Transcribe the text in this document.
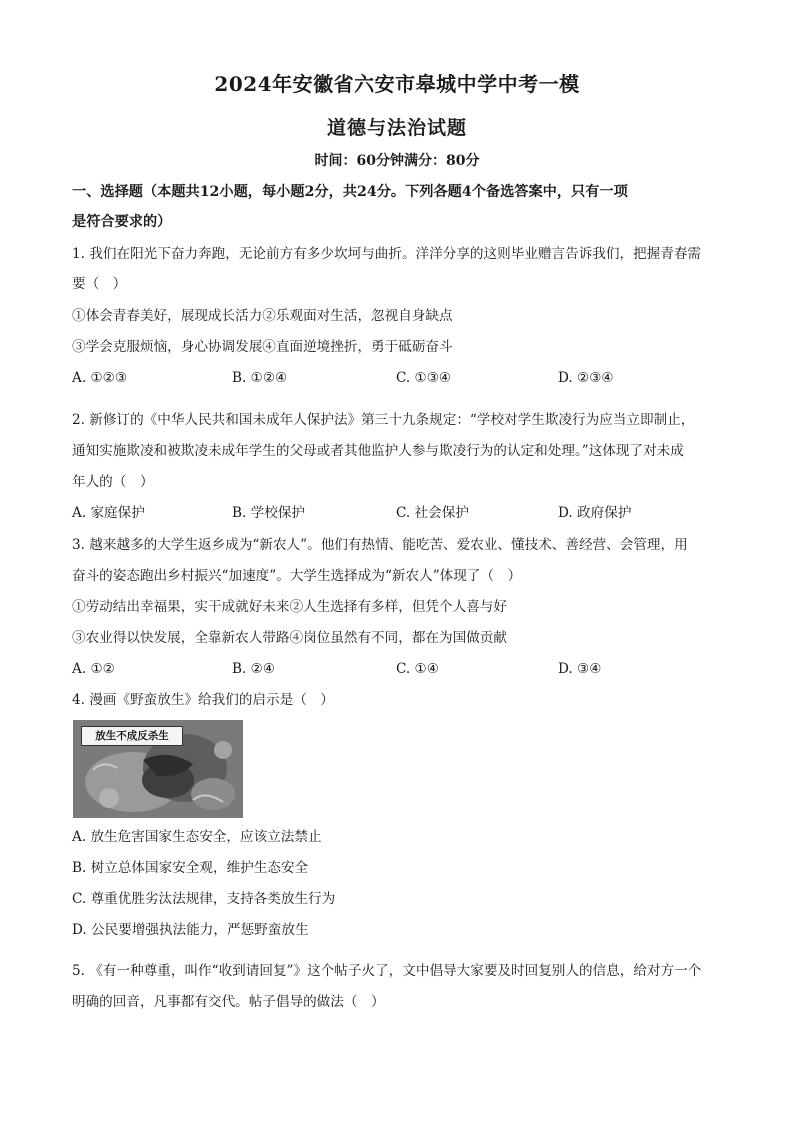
2024年安徽省六安市皋城中学中考一模
道德与法治试题
时间：60分钟满分：80分
一、选择题（本题共12小题，每小题2分，共24分。下列各题4个备选答案中，只有一项
是符合要求的）
1. 我们在阳光下奋力奔跑，无论前方有多少坎坷与曲折。洋洋分享的这则毕业赠言告诉我们，把握青春需
要（　）
①体会青春美好，展现成长活力②乐观面对生活，忽视自身缺点
③学会克服烦恼，身心协调发展④直面逆境挫折，勇于砥砺奋斗
A. ①②③	B. ①②④	C. ①③④	D. ②③④
2. 新修订的《中华人民共和国未成年人保护法》第三十九条规定：“学校对学生欺凌行为应当立即制止，
通知实施欺凌和被欺凌未成年学生的父母或者其他监护人参与欺凌行为的认定和处理。”这体现了对未成
年人的（　）
A. 家庭保护	B. 学校保护	C. 社会保护	D. 政府保护
3. 越来越多的大学生返乡成为“新农人”。他们有热情、能吃苦、爱农业、懂技术、善经营、会管理，用
奋斗的姿态跑出乡村振兴“加速度”。大学生选择成为“新农人”体现了（　）
①劳动结出幸福果，实干成就好未来②人生选择有多样，但凭个人喜与好
③农业得以快发展，全靠新农人带路④岗位虽然有不同，都在为国做贡献
A. ①②	B. ②④	C. ①④	D. ③④
4. 漫画《野蛮放生》给我们的启示是（　）
放生不成反杀生
A. 放生危害国家生态安全，应该立法禁止
B. 树立总体国家安全观，维护生态安全
C. 尊重优胜劣汰法规律，支持各类放生行为
D. 公民要增强执法能力，严惩野蛮放生
5. 《有一种尊重，叫作“收到请回复”》这个帖子火了，文中倡导大家要及时回复别人的信息，给对方一个
明确的回音，凡事都有交代。帖子倡导的做法（　）
